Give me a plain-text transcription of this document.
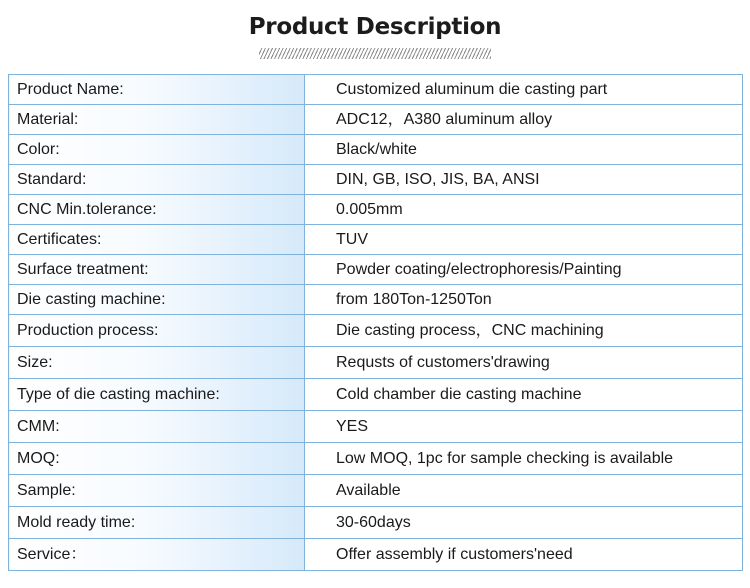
Product Description
Product Name:	Customized aluminum die casting part
Material:	ADC12，A380 aluminum alloy
Color:	Black/white
Standard:	DIN, GB, ISO, JIS, BA, ANSI
CNC Min.tolerance:	0.005mm
Certificates:	TUV
Surface treatment:	Powder coating/electrophoresis/Painting
Die casting machine:	from 180Ton-1250Ton
Production process:	Die casting process，CNC machining
Size:	Requsts of customers'drawing
Type of die casting machine:	Cold chamber die casting machine
CMM:	YES
MOQ:	Low MOQ, 1pc for sample checking is available
Sample:	Available
Mold ready time:	30-60days
Service：	Offer assembly if customers'need
